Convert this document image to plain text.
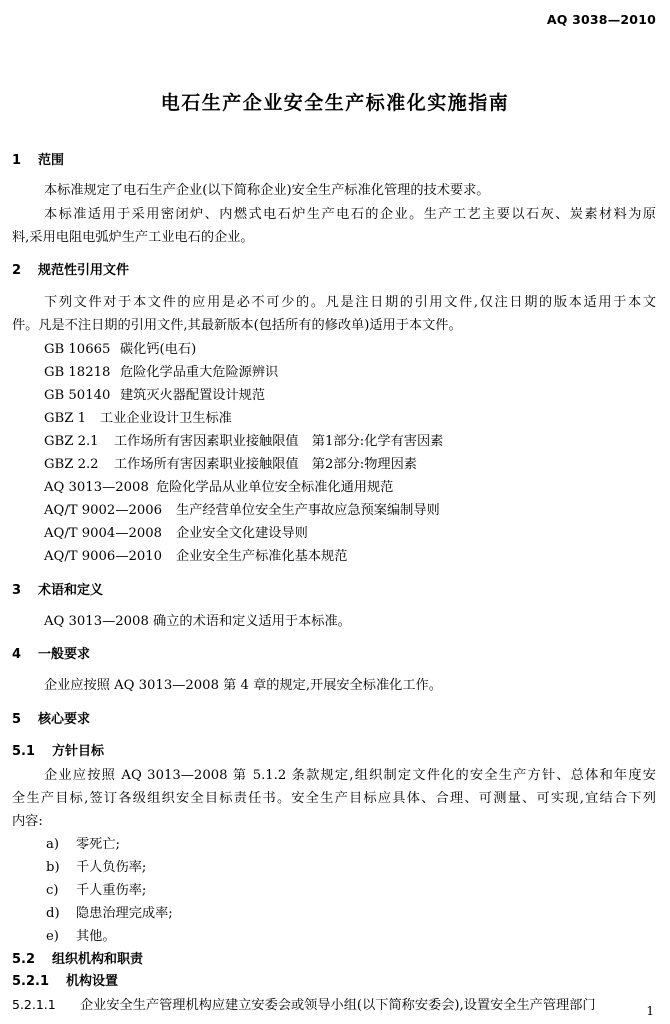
AQ 3038—2010
电石生产企业安全生产标准化实施指南
1 范围
本标准规定了电石生产企业(以下简称企业)安全生产标准化管理的技术要求。
本标准适用于采用密闭炉、内燃式电石炉生产电石的企业。生产工艺主要以石灰、炭素材料为原
料,采用电阻电弧炉生产工业电石的企业。
2 规范性引用文件
下列文件对于本文件的应用是必不可少的。凡是注日期的引用文件,仅注日期的版本适用于本文
件。凡是不注日期的引用文件,其最新版本(包括所有的修改单)适用于本文件。
GB 10665 碳化钙(电石)
GB 18218 危险化学品重大危险源辨识
GB 50140 建筑灭火器配置设计规范
GBZ 1 工业企业设计卫生标准
GBZ 2.1 工作场所有害因素职业接触限值　第1部分:化学有害因素
GBZ 2.2 工作场所有害因素职业接触限值　第2部分:物理因素
AQ 3013—2008 危险化学品从业单位安全标准化通用规范
AQ/T 9002—2006 生产经营单位安全生产事故应急预案编制导则
AQ/T 9004—2008 企业安全文化建设导则
AQ/T 9006—2010 企业安全生产标准化基本规范
3 术语和定义
AQ 3013—2008 确立的术语和定义适用于本标准。
4 一般要求
企业应按照 AQ 3013—2008 第 4 章的规定,开展安全标准化工作。
5 核心要求
5.1 方针目标
企业应按照 AQ 3013—2008 第 5.1.2 条款规定,组织制定文件化的安全生产方针、总体和年度安
全生产目标,签订各级组织安全目标责任书。安全生产目标应具体、合理、可测量、可实现,宜结合下列
内容:
a) 零死亡;
b) 千人负伤率;
c) 千人重伤率;
d) 隐患治理完成率;
e) 其他。
5.2 组织机构和职责
5.2.1 机构设置
5.2.1.1 企业安全生产管理机构应建立安委会或领导小组(以下简称安委会),设置安全生产管理部门	1
